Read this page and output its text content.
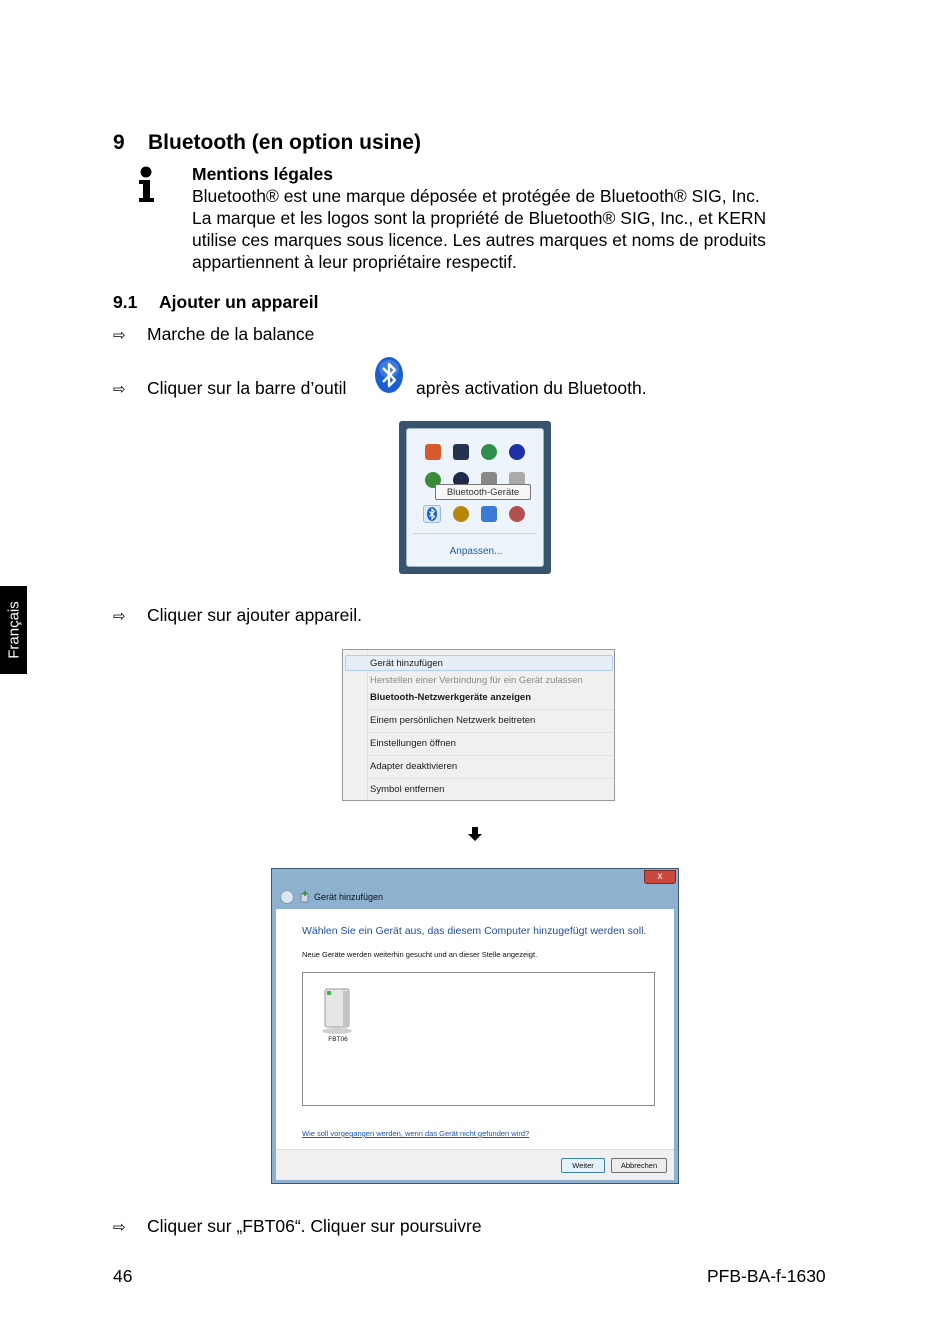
9 Bluetooth (en option usine)
Mentions légales
Bluetooth® est une marque déposée et protégée de Bluetooth® SIG, Inc.
La marque et les logos sont la propriété de Bluetooth® SIG, Inc., et KERN
utilise ces marques sous licence. Les autres marques et noms de produits
appartiennent à leur propriétaire respectif.
9.1 Ajouter un appareil
⇨ Marche de la balance
⇨ Cliquer sur la barre d’outil	après activation du Bluetooth.
Bluetooth-Geräte
Anpassen...
⇨ Cliquer sur ajouter appareil.
Gerät hinzufügen
Herstellen einer Verbindung für ein Gerät zulassen
Bluetooth-Netzwerkgeräte anzeigen
Einem persönlichen Netzwerk beitreten
Einstellungen öffnen
Adapter deaktivieren
Symbol entfernen
x
Gerät hinzufügen
Wählen Sie ein Gerät aus, das diesem Computer hinzugefügt werden soll.
Neue Geräte werden weiterhin gesucht und an dieser Stelle angezeigt.
FBT06
Wie soll vorgegangen werden, wenn das Gerät nicht gefunden wird?
Weiter	Abbrechen
⇨ Cliquer sur „FBT06“. Cliquer sur poursuivre
Français
46	PFB-BA-f-1630
